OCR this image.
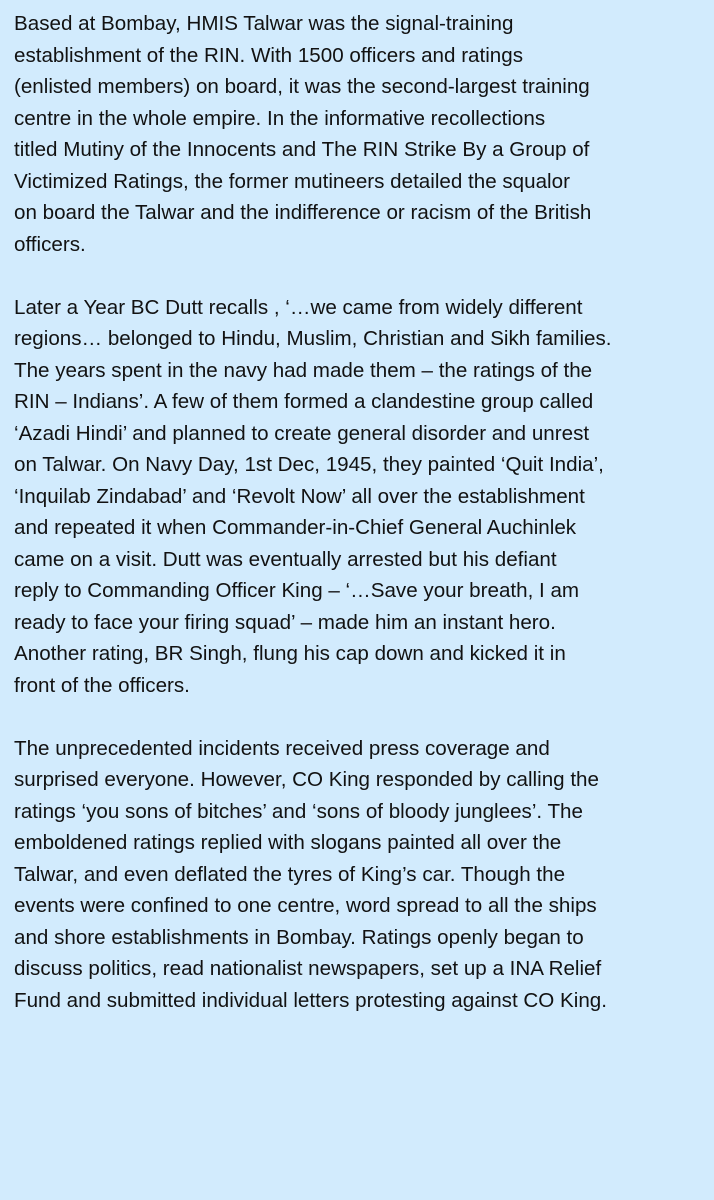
Based at Bombay, HMIS Talwar was the signal-training
establishment of the RIN. With 1500 officers and ratings
(enlisted members) on board, it was the second-largest training
centre in the whole empire. In the informative recollections
titled Mutiny of the Innocents and The RIN Strike By a Group of
Victimized Ratings, the former mutineers detailed the squalor
on board the Talwar and the indifference or racism of the British
officers.

Later a Year BC Dutt recalls , ‘…we came from widely different
regions… belonged to Hindu, Muslim, Christian and Sikh families.
The years spent in the navy had made them – the ratings of the
RIN – Indians’. A few of them formed a clandestine group called
‘Azadi Hindi’ and planned to create general disorder and unrest
on Talwar. On Navy Day, 1st Dec, 1945, they painted ‘Quit India’,
‘Inquilab Zindabad’ and ‘Revolt Now’ all over the establishment
and repeated it when Commander-in-Chief General Auchinlek
came on a visit. Dutt was eventually arrested but his defiant
reply to Commanding Officer King – ‘…Save your breath, I am
ready to face your firing squad’ – made him an instant hero.
Another rating, BR Singh, flung his cap down and kicked it in
front of the officers.

The unprecedented incidents received press coverage and
surprised everyone. However, CO King responded by calling the
ratings ‘you sons of bitches’ and ‘sons of bloody junglees’. The
emboldened ratings replied with slogans painted all over the
Talwar, and even deflated the tyres of King’s car. Though the
events were confined to one centre, word spread to all the ships
and shore establishments in Bombay. Ratings openly began to
discuss politics, read nationalist newspapers, set up a INA Relief
Fund and submitted individual letters protesting against CO King.
